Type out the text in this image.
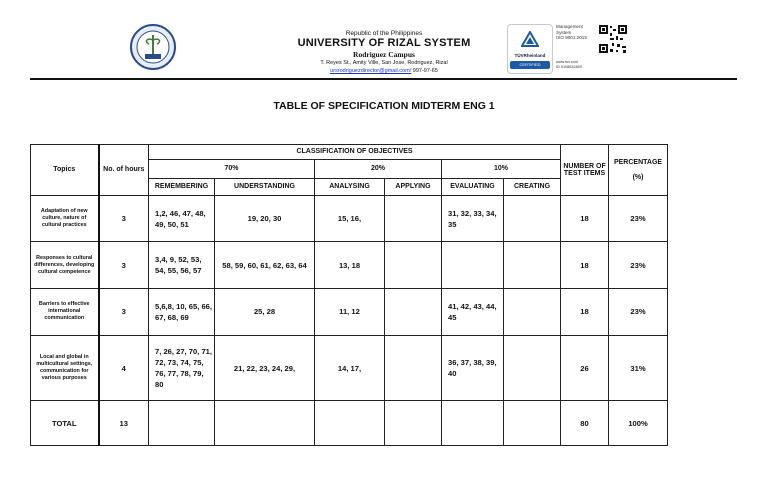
Republic of the Philippines
UNIVERSITY OF RIZAL SYSTEM
Rodriguez Campus
T. Reyes St., Amity Ville, San Jose, Rodriguez, Rizal
ursrodriguezdirector@gmail.com/ 997-97-65
TÜVRheinland
CERTIFIED
Management
System
ISO 9001:2015
www.tuv.com
ID 9108632809
TABLE OF SPECIFICATION MIDTERM ENG 1
Topics	No. of hours	CLASSIFICATION OF OBJECTIVES						NUMBER OF TEST ITEMS	PERCENTAGE
(%)

		70%		20%		10%			
		REMEMBERING	UNDERSTANDING	ANALYSING	APPLYING	EVALUATING	CREATING		
Adaptation of new culture, nature of cultural practices	3	1,2, 46, 47, 48, 49, 50, 51	19, 20, 30	15, 16,		31, 32, 33, 34, 35		18	23%
Responses to cultural differences, developing cultural competence	3	3,4, 9, 52, 53, 54, 55, 56, 57	58, 59, 60, 61, 62, 63, 64	13, 18				18	23%
Barriers to effective international communication	3	5,6,8, 10, 65, 66, 67, 68, 69	25, 28	11, 12		41, 42, 43, 44, 45		18	23%
Local and global in multicultural settings, communication for various purposes	4	7, 26, 27, 70, 71, 72, 73, 74, 75, 76, 77, 78, 79, 80	21, 22, 23, 24, 29,	14, 17,		36, 37, 38, 39, 40		26	31%
TOTAL	13							80	100%
